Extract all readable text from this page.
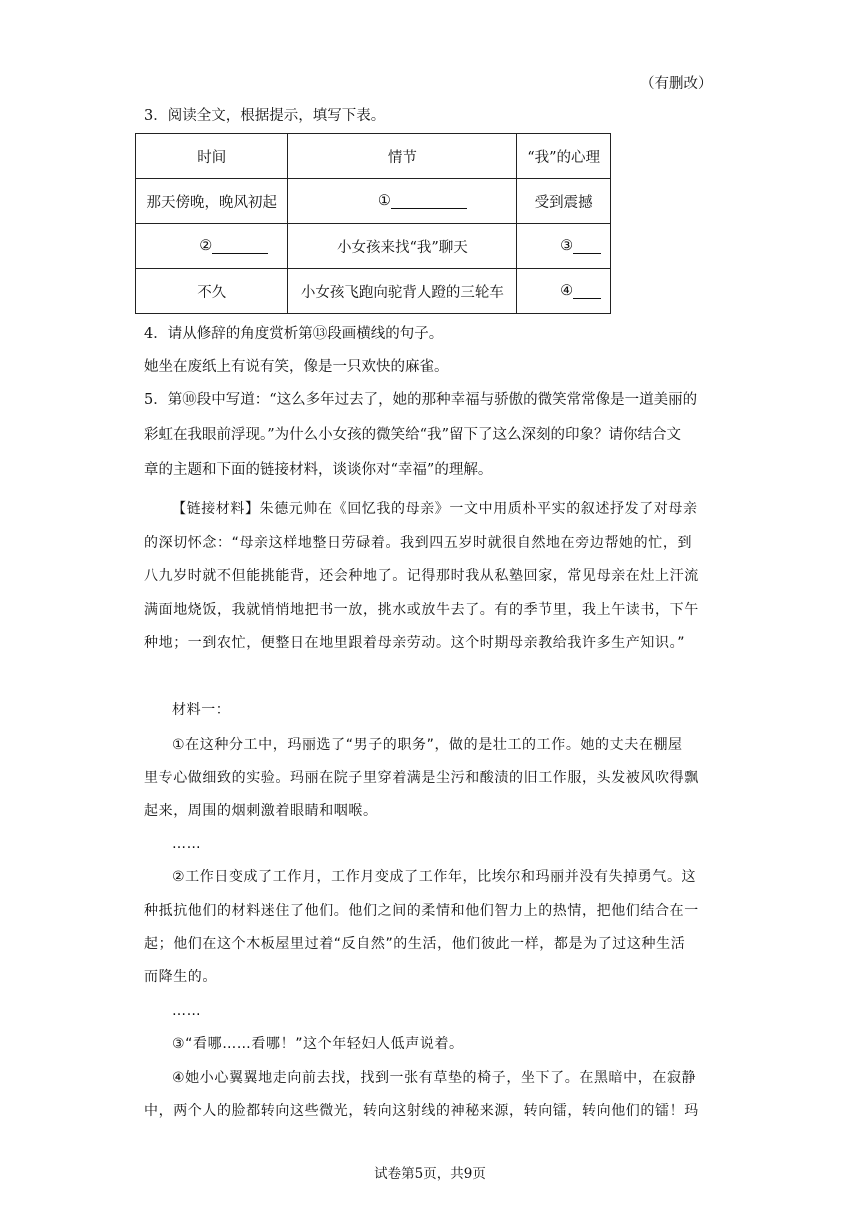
（有删改）
3．阅读全文，根据提示，填写下表。
时间	情节	“我”的心理
那天傍晚，晚风初起	①	受到震撼
②	小女孩来找“我”聊天	③
不久	小女孩飞跑向驼背人蹬的三轮车	④
4．请从修辞的角度赏析第⑬段画横线的句子。
她坐在废纸上有说有笑，像是一只欢快的麻雀。
5．第⑩段中写道：“这么多年过去了，她的那种幸福与骄傲的微笑常常像是一道美丽的
彩虹在我眼前浮现。”为什么小女孩的微笑给“我”留下了这么深刻的印象？请你结合文
章的主题和下面的链接材料，谈谈你对“幸福”的理解。
【链接材料】朱德元帅在《回忆我的母亲》一文中用质朴平实的叙述抒发了对母亲
的深切怀念：“母亲这样地整日劳碌着。我到四五岁时就很自然地在旁边帮她的忙，到
八九岁时就不但能挑能背，还会种地了。记得那时我从私塾回家，常见母亲在灶上汗流
满面地烧饭，我就悄悄地把书一放，挑水或放牛去了。有的季节里，我上午读书，下午
种地；一到农忙，便整日在地里跟着母亲劳动。这个时期母亲教给我许多生产知识。”
材料一：
①在这种分工中，玛丽选了“男子的职务”，做的是壮工的工作。她的丈夫在棚屋
里专心做细致的实验。玛丽在院子里穿着满是尘污和酸渍的旧工作服，头发被风吹得飘
起来，周围的烟刺激着眼睛和咽喉。
……
②工作日变成了工作月，工作月变成了工作年，比埃尔和玛丽并没有失掉勇气。这
种抵抗他们的材料迷住了他们。他们之间的柔情和他们智力上的热情，把他们结合在一
起；他们在这个木板屋里过着“反自然”的生活，他们彼此一样，都是为了过这种生活
而降生的。
……
③“看哪……看哪！”这个年轻妇人低声说着。
④她小心翼翼地走向前去找，找到一张有草垫的椅子，坐下了。在黑暗中，在寂静
中，两个人的脸都转向这些微光，转向这射线的神秘来源，转向镭，转向他们的镭！玛
试卷第5页，共9页
